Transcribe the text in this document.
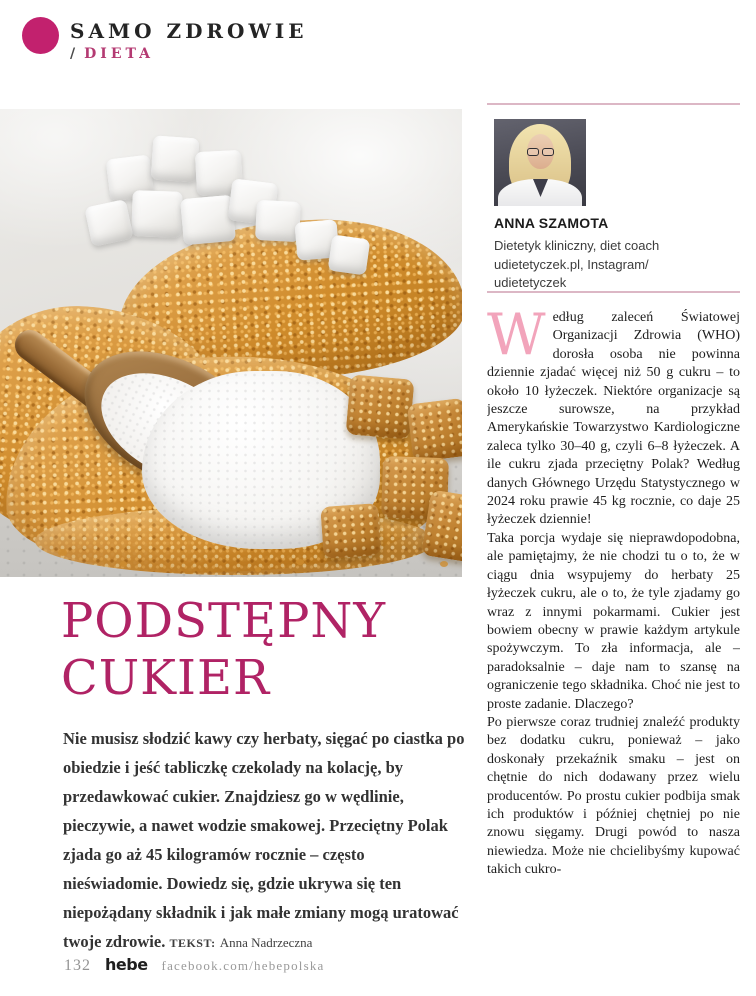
SAMO ZDROWIE
/ DIETA
ANNA SZAMOTA
Dietetyk kliniczny, diet coach
udietetyczek.pl, Instagram/
udietetyczek

Według zaleceń Światowej Organizacji Zdrowia (WHO) dorosła osoba nie powinna dziennie zjadać więcej niż 50 g cukru – to około 10 łyżeczek. Niektóre organizacje są jeszcze surowsze, na przykład Amerykańskie Towarzystwo Kardiologiczne zaleca tylko 30–40 g, czyli 6–8 łyżeczek. A ile cukru zjada przeciętny Polak? Według danych Głównego Urzędu Statystycznego w 2024 roku prawie 45 kg rocznie, co daje 25 łyżeczek dziennie!

Taka porcja wydaje się nieprawdopodobna, ale pamiętajmy, że nie chodzi tu o to, że w ciągu dnia wsypujemy do herbaty 25 łyżeczek cukru, ale o to, że tyle zjadamy go wraz z innymi pokarmami. Cukier jest bowiem obecny w prawie każdym artykule spożywczym. To zła informacja, ale – paradoksalnie – daje nam to szansę na ograniczenie tego składnika. Choć nie jest to proste zadanie. Dlaczego?

Po pierwsze coraz trudniej znaleźć produkty bez dodatku cukru, ponieważ – jako doskonały przekaźnik smaku – jest on chętnie do nich dodawany przez wielu producentów. Po prostu cukier podbija smak ich produktów i później chętniej po nie znowu sięgamy. Drugi powód to nasza niewiedza. Może nie chcielibyśmy kupować takich cukro-

PODSTĘPNY
CUKIER

Nie musisz słodzić kawy czy herbaty, sięgać po ciastka po obiedzie i jeść tabliczkę czekolady na kolację, by przedawkować cukier. Znajdziesz go w wędlinie, pieczywie, a nawet wodzie smakowej. Przeciętny Polak zjada go aż 45 kilogramów rocznie – często nieświadomie. Dowiedz się, gdzie ukrywa się ten niepożądany składnik i jak małe zmiany mogą uratować twoje zdrowie. TEKST: Anna Nadrzeczna

132 hebe facebook.com/hebepolska
